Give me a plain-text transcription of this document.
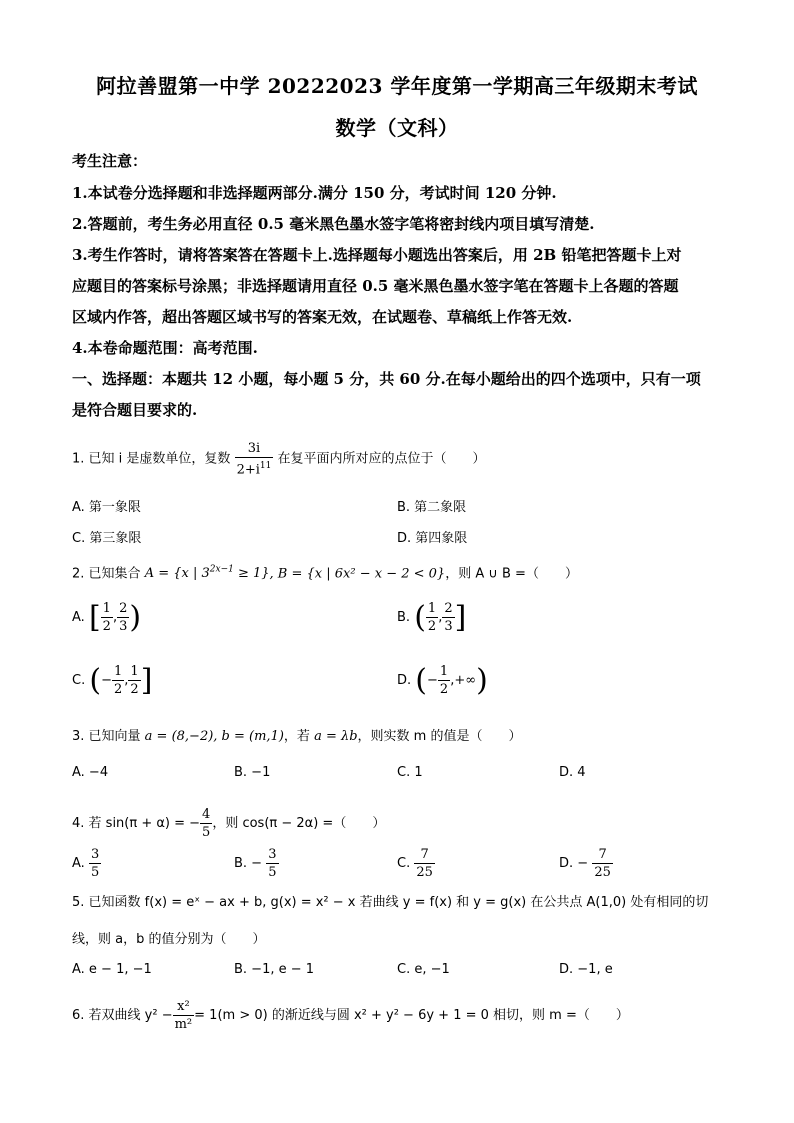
阿拉善盟第一中学 20222023 学年度第一学期高三年级期末考试
数学（文科）
考生注意：
1.本试卷分选择题和非选择题两部分.满分 150 分，考试时间 120 分钟.
2.答题前，考生务必用直径 0.5 毫米黑色墨水签字笔将密封线内项目填写清楚.
3.考生作答时，请将答案答在答题卡上.选择题每小题选出答案后，用 2B 铅笔把答题卡上对
应题目的答案标号涂黑；非选择题请用直径 0.5 毫米黑色墨水签字笔在答题卡上各题的答题
区域内作答，超出答题区域书写的答案无效，在试题卷、草稿纸上作答无效.
4.本卷命题范围：高考范围.
一、选择题：本题共 12 小题，每小题 5 分，共 60 分.在每小题给出的四个选项中，只有一项
是符合题目要求的.
1. 已知 i 是虚数单位，复数 $\frac{3i}{2+i^{11}}$ 在复平面内所对应的点位于（　　）
A. 第一象限	B. 第二象限
C. 第三象限	D. 第四象限
2. 已知集合 A = {x | $3^{2x-1} \ge 1$}, B = {x | 6x² − x − 2 < 0}，则 A ∪ B =（　　）
A. [ $\frac{1}{2}$ , $\frac{2}{3}$ )	B. ( $\frac{1}{2}$ , $\frac{2}{3}$ ]
C. (− $\frac{1}{2}$ , $\frac{1}{2}$ ]	D. (− $\frac{1}{2}$ ,+∞)
3. 已知向量 a = (8,−2), b = (m,1)，若 a = λb，则实数 m 的值是（　　）
A. −4	B. −1	C. 1	D. 4
4. 若 sin(π + α) = − $\frac{4}{5}$ ，则 cos(π − 2α) =（　　）
A. $\frac{3}{5}$	B. − $\frac{3}{5}$	C. $\frac{7}{25}$	D. − $\frac{7}{25}$
5. 已知函数 f(x) = eˣ − ax + b, g(x) = x² − x 若曲线 y = f(x) 和 y = g(x) 在公共点 A(1,0) 处有相同的切
线，则 a，b 的值分别为（　　）
A. e − 1, −1	B. −1, e − 1	C. e, −1	D. −1, e
6. 若双曲线 $y^2 - \frac{\text{x²}}{\text{m²}} = 1(m > 0)$ 的渐近线与圆 x² + y² − 6y + 1 = 0 相切，则 m =（　　）
